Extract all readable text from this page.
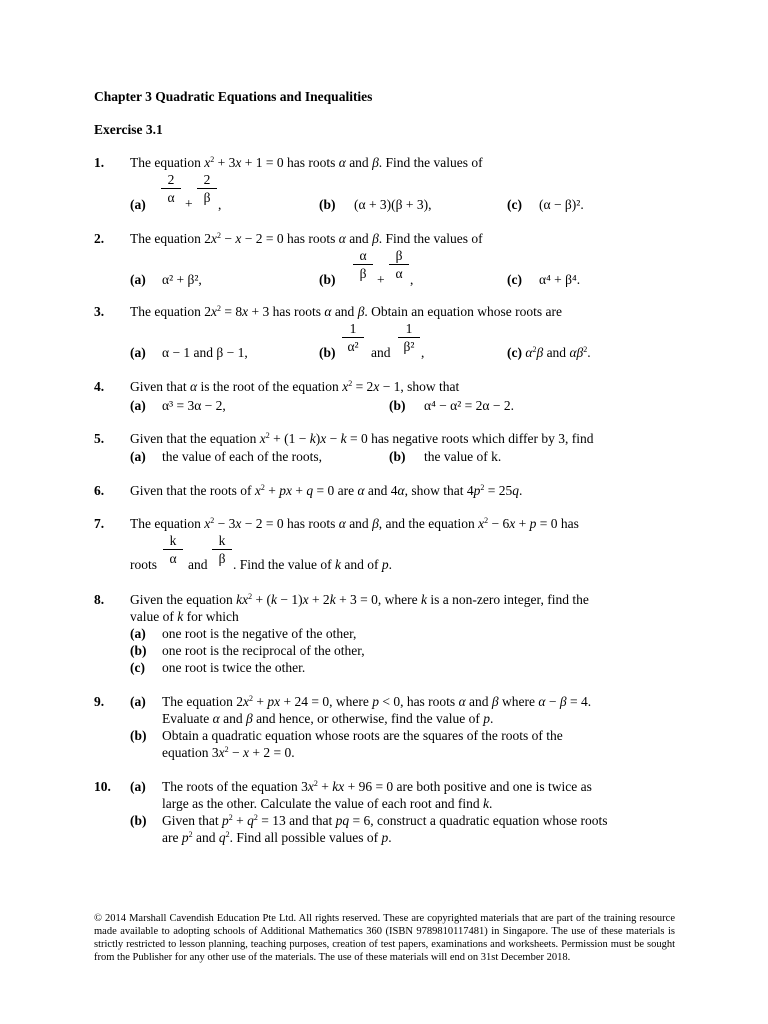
Chapter 3 Quadratic Equations and Inequalities
Exercise 3.1
1. The equation $x^2 + 3x + 1 = 0$ has roots α and β. Find the values of
(a)
2
α +
2
β ,	(b) (α + 3)(β + 3),	(c) (α − β)².
2. The equation $2x^2 - x - 2 = 0$ has roots α and β. Find the values of
(a) α² + β²,	(b)
α
β +
β
α ,	(c) α⁴ + β⁴.
3. The equation $2x^2 = 8x + 3$ has roots α and β. Obtain an equation whose roots are
(a) α − 1 and β − 1,	(b)
1
α² and
1
β² ,	(c) $\alpha^2\beta$ and $\alpha\beta^2$.
4. Given that α is the root of the equation $x^2 = 2x - 1$, show that
(a) α³ = 3α − 2,	(b) α⁴ − α² = 2α − 2.
5. Given that the equation $x^2 + (1 - k)x - k = 0$ has negative roots which differ by 3, find
(a) the value of each of the roots,	(b) the value of k.
6. Given that the roots of $x^2$ + px + q = 0 are α and 4α, show that $4p^2 = 25q$.
7. The equation $x^2 - 3x - 2 = 0$ has roots α and β, and the equation $x^2 - 6x + p = 0$ has
roots
k
α and
k
β . Find the value of k and of p.
8. Given the equation $kx^2 + (k - 1)x + 2k + 3 = 0$, where k is a non-zero integer, find the
value of k for which
(a) one root is the negative of the other,
(b) one root is the reciprocal of the other,
(c) one root is twice the other.
9. (a) The equation $2x^2$ + px + 24 = 0, where p < 0, has roots α and β where α − β = 4.
Evaluate α and β and hence, or otherwise, find the value of p.
(b) Obtain a quadratic equation whose roots are the squares of the roots of the
equation $3x^2 - x + 2 = 0$.
10. (a) The roots of the equation $3x^2$ + kx + 96 = 0 are both positive and one is twice as
large as the other. Calculate the value of each root and find k.
(b) Given that $p^2 + q^2 = 13$ and that pq = 6, construct a quadratic equation whose roots
are $p^2$ and $q^2$. Find all possible values of p.
© 2014 Marshall Cavendish Education Pte Ltd. All rights reserved. These are copyrighted materials that are part of the training resource made available to adopting schools of Additional Mathematics 360 (ISBN 9789810117481) in Singapore. The use of these materials is strictly restricted to lesson planning, teaching purposes, creation of test papers, examinations and worksheets. Permission must be sought from the Publisher for any other use of the materials. The use of these materials will end on 31st December 2018.
